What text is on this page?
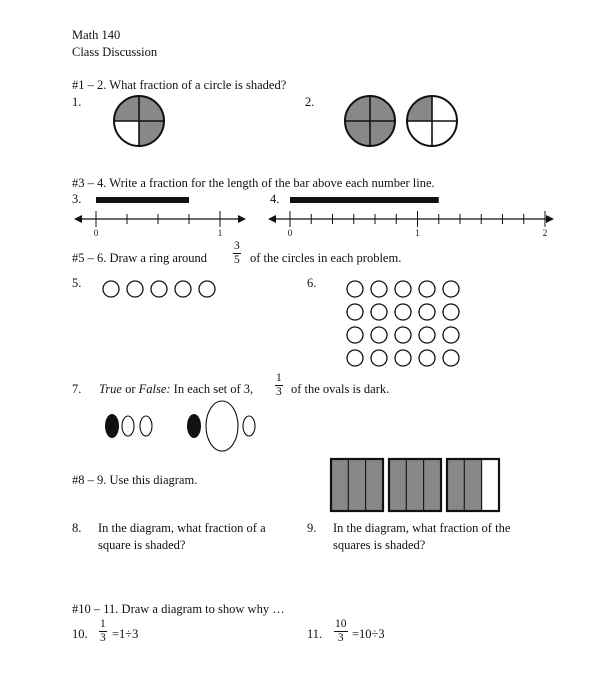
Math 140
Class Discussion
#1 – 2. What fraction of a circle is shaded?
1.	2.
#3 – 4. Write a fraction for the length of the bar above each number line.
3.	4.
#5 – 6. Draw a ring around $\frac{3}{5}$ of the circles in each problem.
5.	6.
7. True or False: In each set of 3, $\frac{1}{3}$ of the ovals is dark.
#8 – 9. Use this diagram.
8. In the diagram, what fraction of a
square is shaded?
9. In the diagram, what fraction of the
squares is shaded?
#10 – 11. Draw a diagram to show why …
10. $\frac{1}{3} =1\div 3$	11. $\frac{10}{3} =10\div 3$
0	1	0	1	2
